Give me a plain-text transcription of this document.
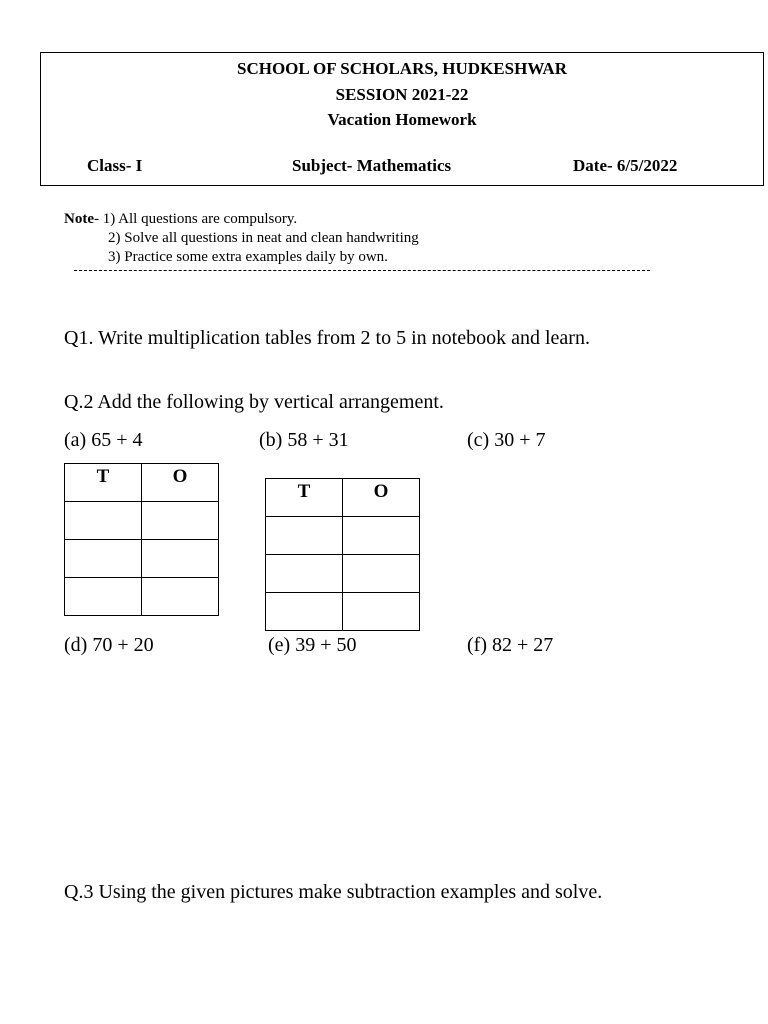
SCHOOL OF SCHOLARS, HUDKESHWAR
SESSION 2021-22
Vacation Homework
Class- I	Subject- Mathematics	Date- 6/5/2022
Note- 1) All questions are compulsory.
2) Solve all questions in neat and clean handwriting
3) Practice some extra examples daily by own.
Q1. Write multiplication tables from 2 to 5 in notebook and learn.
Q.2 Add the following by vertical arrangement.
(a) 65 + 4	(b) 58 + 31	(c) 30 + 7
T	O

T	O

(d) 70 + 20	(e) 39 + 50	(f) 82 + 27
Q.3 Using the given pictures make subtraction examples and solve.
